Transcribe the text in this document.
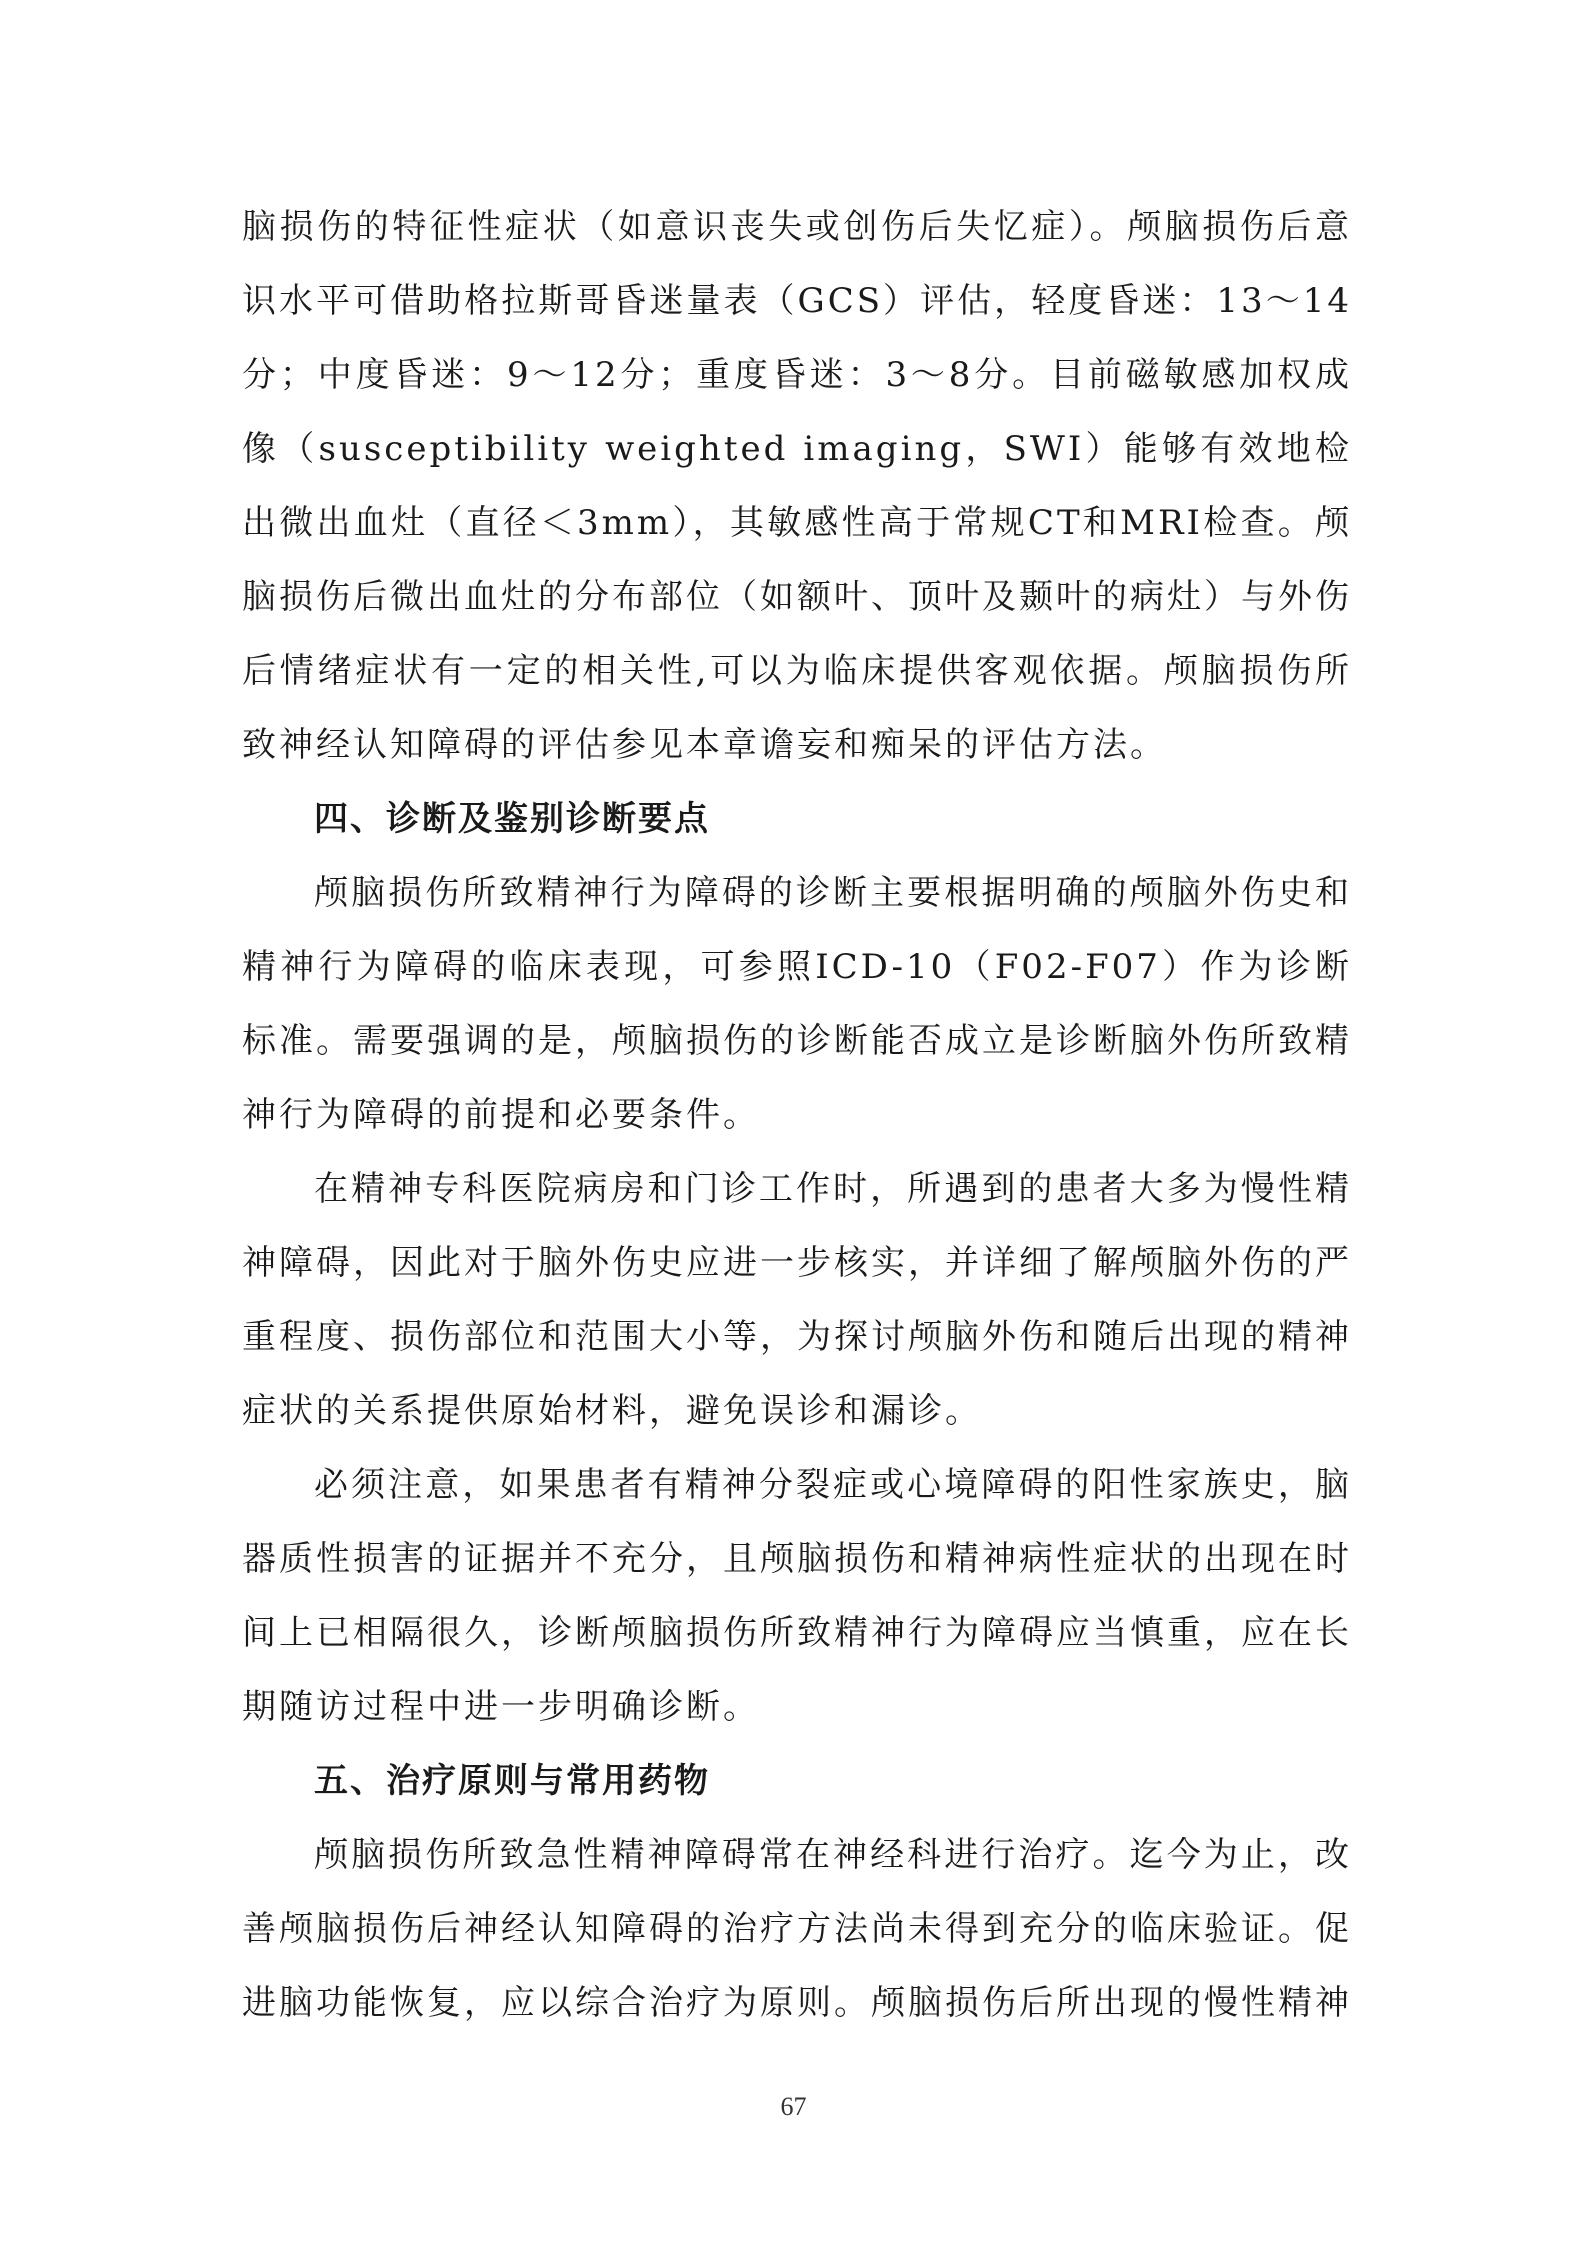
脑损伤的特征性症状（如意识丧失或创伤后失忆症）。颅脑损伤后意识水平可借助格拉斯哥昏迷量表（GCS）评估，轻度昏迷：13～14分；中度昏迷：9～12分；重度昏迷：3～8分。目前磁敏感加权成像（susceptibility weighted imaging，SWI）能够有效地检出微出血灶（直径＜3mm），其敏感性高于常规CT和MRI检查。颅脑损伤后微出血灶的分布部位（如额叶、顶叶及颞叶的病灶）与外伤后情绪症状有一定的相关性,可以为临床提供客观依据。颅脑损伤所致神经认知障碍的评估参见本章谵妄和痴呆的评估方法。

四、诊断及鉴别诊断要点

颅脑损伤所致精神行为障碍的诊断主要根据明确的颅脑外伤史和精神行为障碍的临床表现，可参照ICD-10（F02-F07）作为诊断标准。需要强调的是，颅脑损伤的诊断能否成立是诊断脑外伤所致精神行为障碍的前提和必要条件。

在精神专科医院病房和门诊工作时，所遇到的患者大多为慢性精神障碍，因此对于脑外伤史应进一步核实，并详细了解颅脑外伤的严重程度、损伤部位和范围大小等，为探讨颅脑外伤和随后出现的精神症状的关系提供原始材料，避免误诊和漏诊。

必须注意，如果患者有精神分裂症或心境障碍的阳性家族史，脑器质性损害的证据并不充分，且颅脑损伤和精神病性症状的出现在时间上已相隔很久，诊断颅脑损伤所致精神行为障碍应当慎重，应在长期随访过程中进一步明确诊断。

五、治疗原则与常用药物

颅脑损伤所致急性精神障碍常在神经科进行治疗。迄今为止，改善颅脑损伤后神经认知障碍的治疗方法尚未得到充分的临床验证。促进脑功能恢复，应以综合治疗为原则。颅脑损伤后所出现的慢性精神

67
